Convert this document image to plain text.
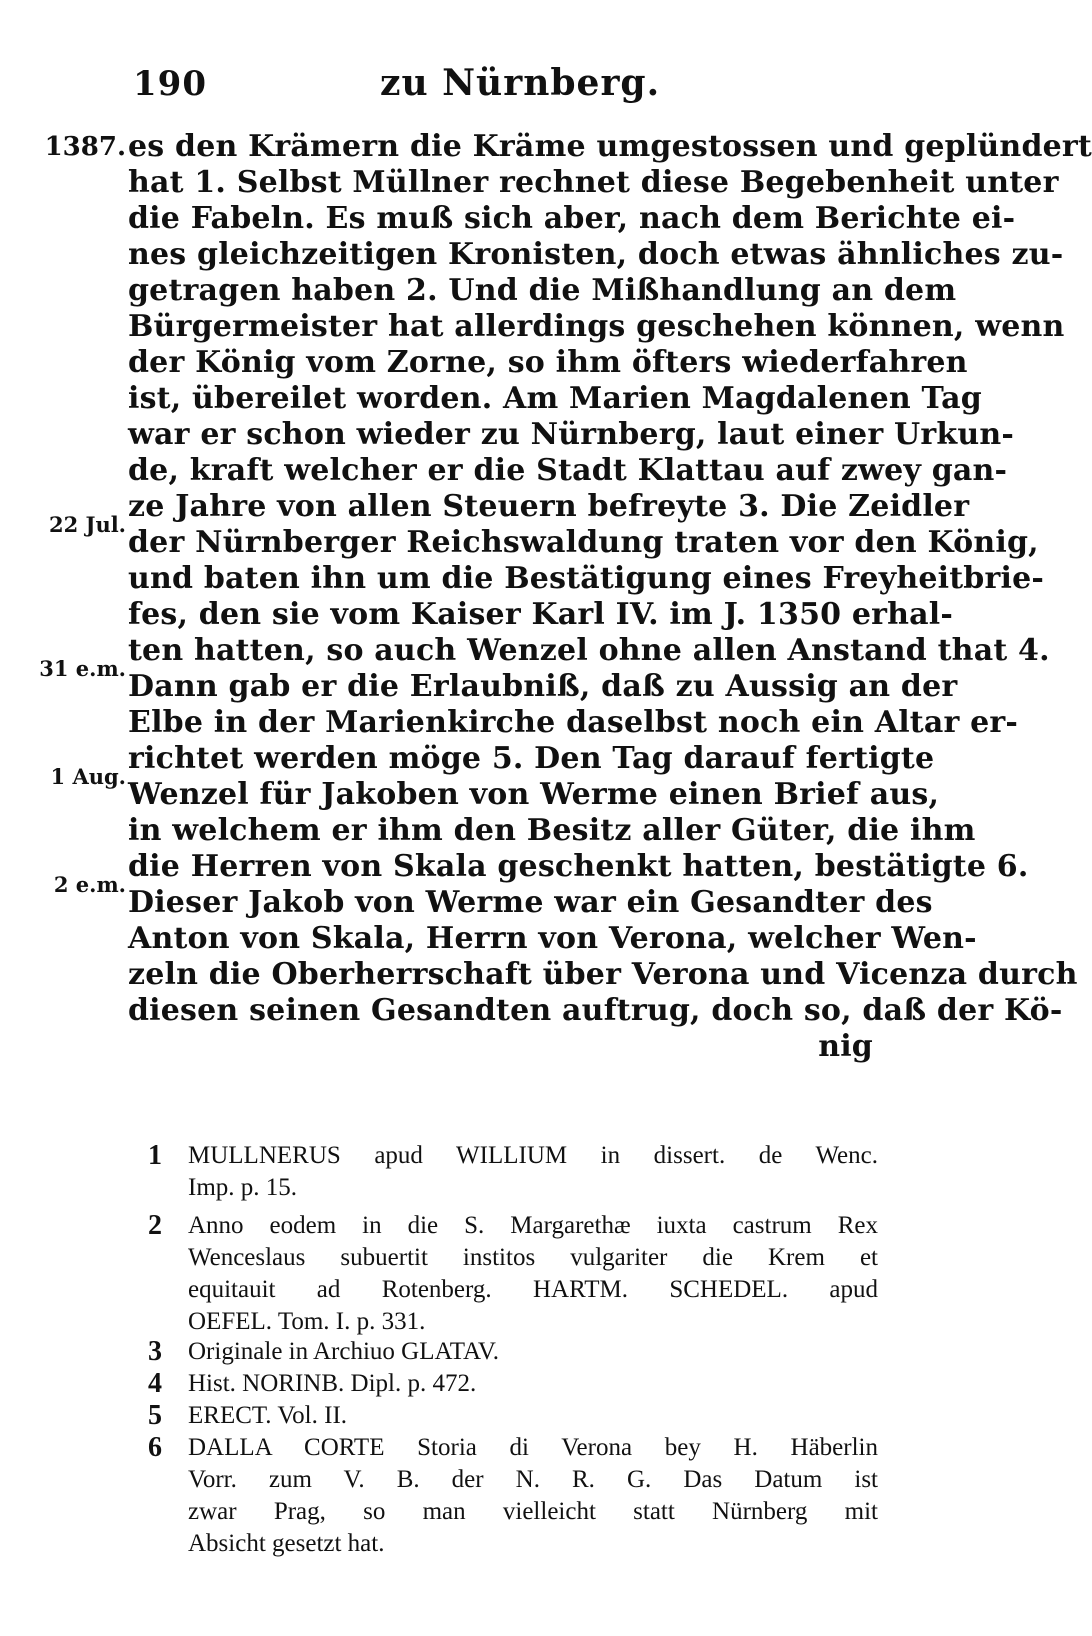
190	zu Nürnberg.
1387.
22 Jul.
31 e.m.
1 Aug.
2 e.m.
es den Krämern die Kräme umgestossen und geplündert
hat 1. Selbst Müllner rechnet diese Begebenheit unter
die Fabeln. Es muß sich aber, nach dem Berichte ei-
nes gleichzeitigen Kronisten, doch etwas ähnliches zu-
getragen haben 2. Und die Mißhandlung an dem
Bürgermeister hat allerdings geschehen können, wenn
der König vom Zorne, so ihm öfters wiederfahren
ist, übereilet worden. Am Marien Magdalenen Tag
war er schon wieder zu Nürnberg, laut einer Urkun-
de, kraft welcher er die Stadt Klattau auf zwey gan-
ze Jahre von allen Steuern befreyte 3. Die Zeidler
der Nürnberger Reichswaldung traten vor den König,
und baten ihn um die Bestätigung eines Freyheitbrie-
fes, den sie vom Kaiser Karl IV. im J. 1350 erhal-
ten hatten, so auch Wenzel ohne allen Anstand that 4.
Dann gab er die Erlaubniß, daß zu Aussig an der
Elbe in der Marienkirche daselbst noch ein Altar er-
richtet werden möge 5. Den Tag darauf fertigte
Wenzel für Jakoben von Werme einen Brief aus,
in welchem er ihm den Besitz aller Güter, die ihm
die Herren von Skala geschenkt hatten, bestätigte 6.
Dieser Jakob von Werme war ein Gesandter des
Anton von Skala, Herrn von Verona, welcher Wen-
zeln die Oberherrschaft über Verona und Vicenza durch
diesen seinen Gesandten auftrug, doch so, daß der Kö-
nig
1	MULLNERUS apud WILLIUM in dissert. de Wenc.
Imp. p. 15.
2	Anno eodem in die S. Margarethæ iuxta castrum Rex
Wenceslaus subuertit institos vulgariter die Krem et
equitauit ad Rotenberg. HARTM. SCHEDEL. apud
OEFEL. Tom. I. p. 331.
3	Originale in Archiuo GLATAV.
4	Hist. NORINB. Dipl. p. 472.
5	ERECT. Vol. II.
6	DALLA CORTE Storia di Verona bey H. Häberlin
Vorr. zum V. B. der N. R. G. Das Datum ist
zwar Prag, so man vielleicht statt Nürnberg mit
Absicht gesetzt hat.
